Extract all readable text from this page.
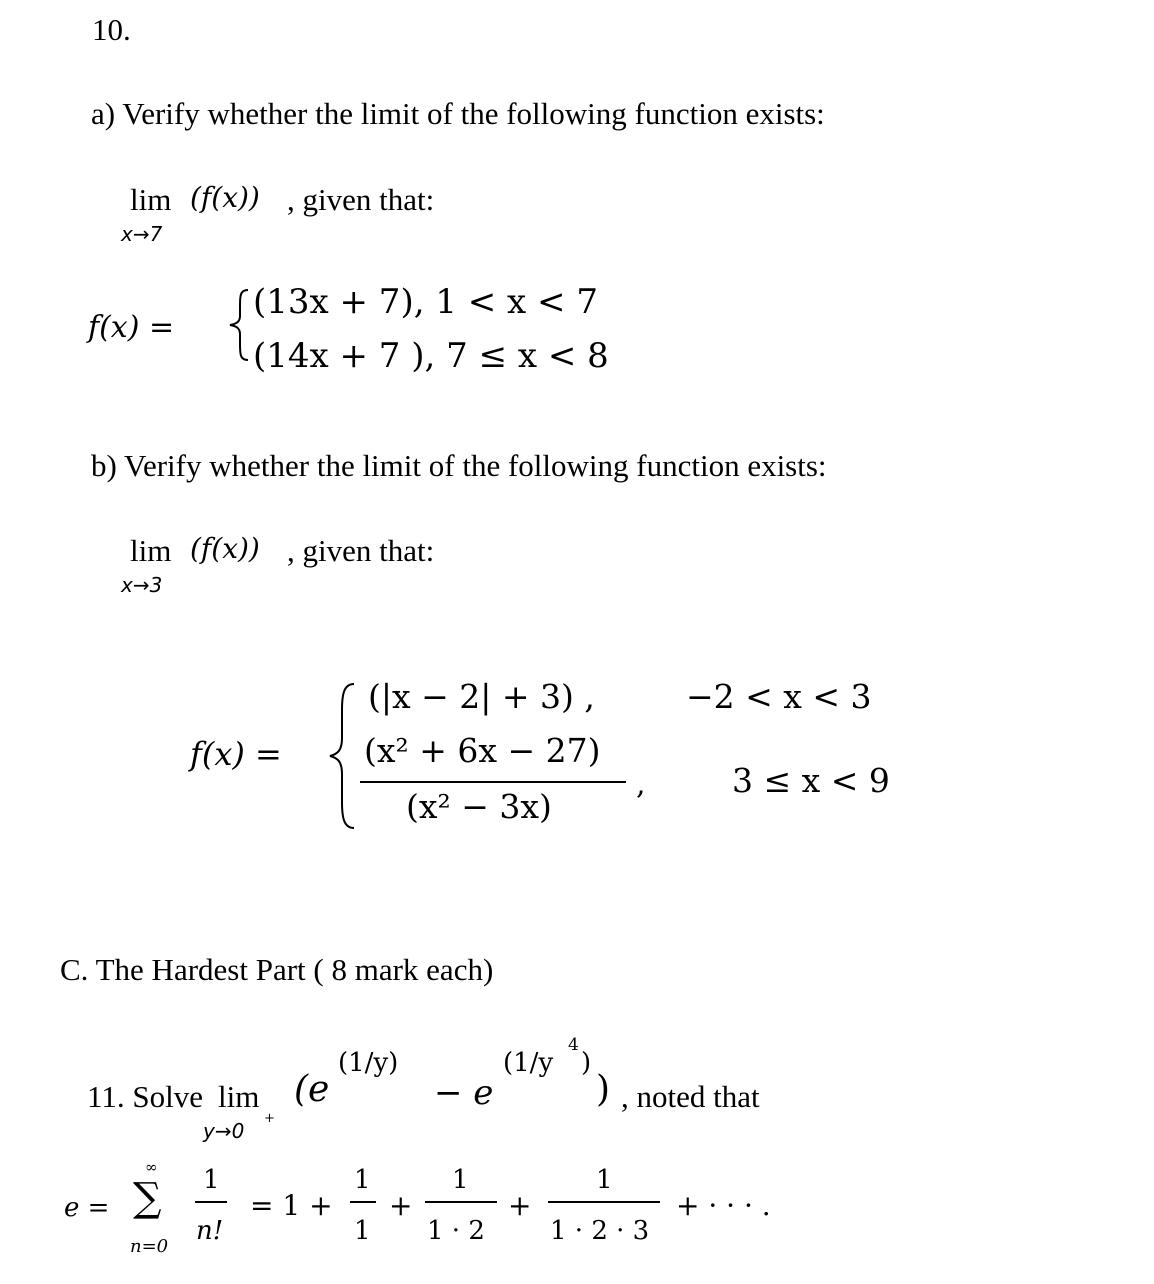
10.
a) Verify whether the limit of the following function exists:
lim (f(x)) , given that:
x→7
f(x) =
(13x + 7), 1 < x < 7
(14x + 7 ), 7 ≤ x < 8
b) Verify whether the limit of the following function exists:
lim (f(x)) , given that:
x→3
f(x) =
(|x − 2| + 3) ,	−2 < x < 3
(x² + 6x − 27)
(x² − 3x)
,	3 ≤ x < 9
C. The Hardest Part ( 8 mark each)
11. Solve lim
y→0
+
(e
(1/y)
− e
(1/y
4
)
) , noted that
e =
∞
∑
n=0
1
n!
= 1 +
1
1
+
1
1 · 2
+
1
1 · 2 · 3
+ · · · .
